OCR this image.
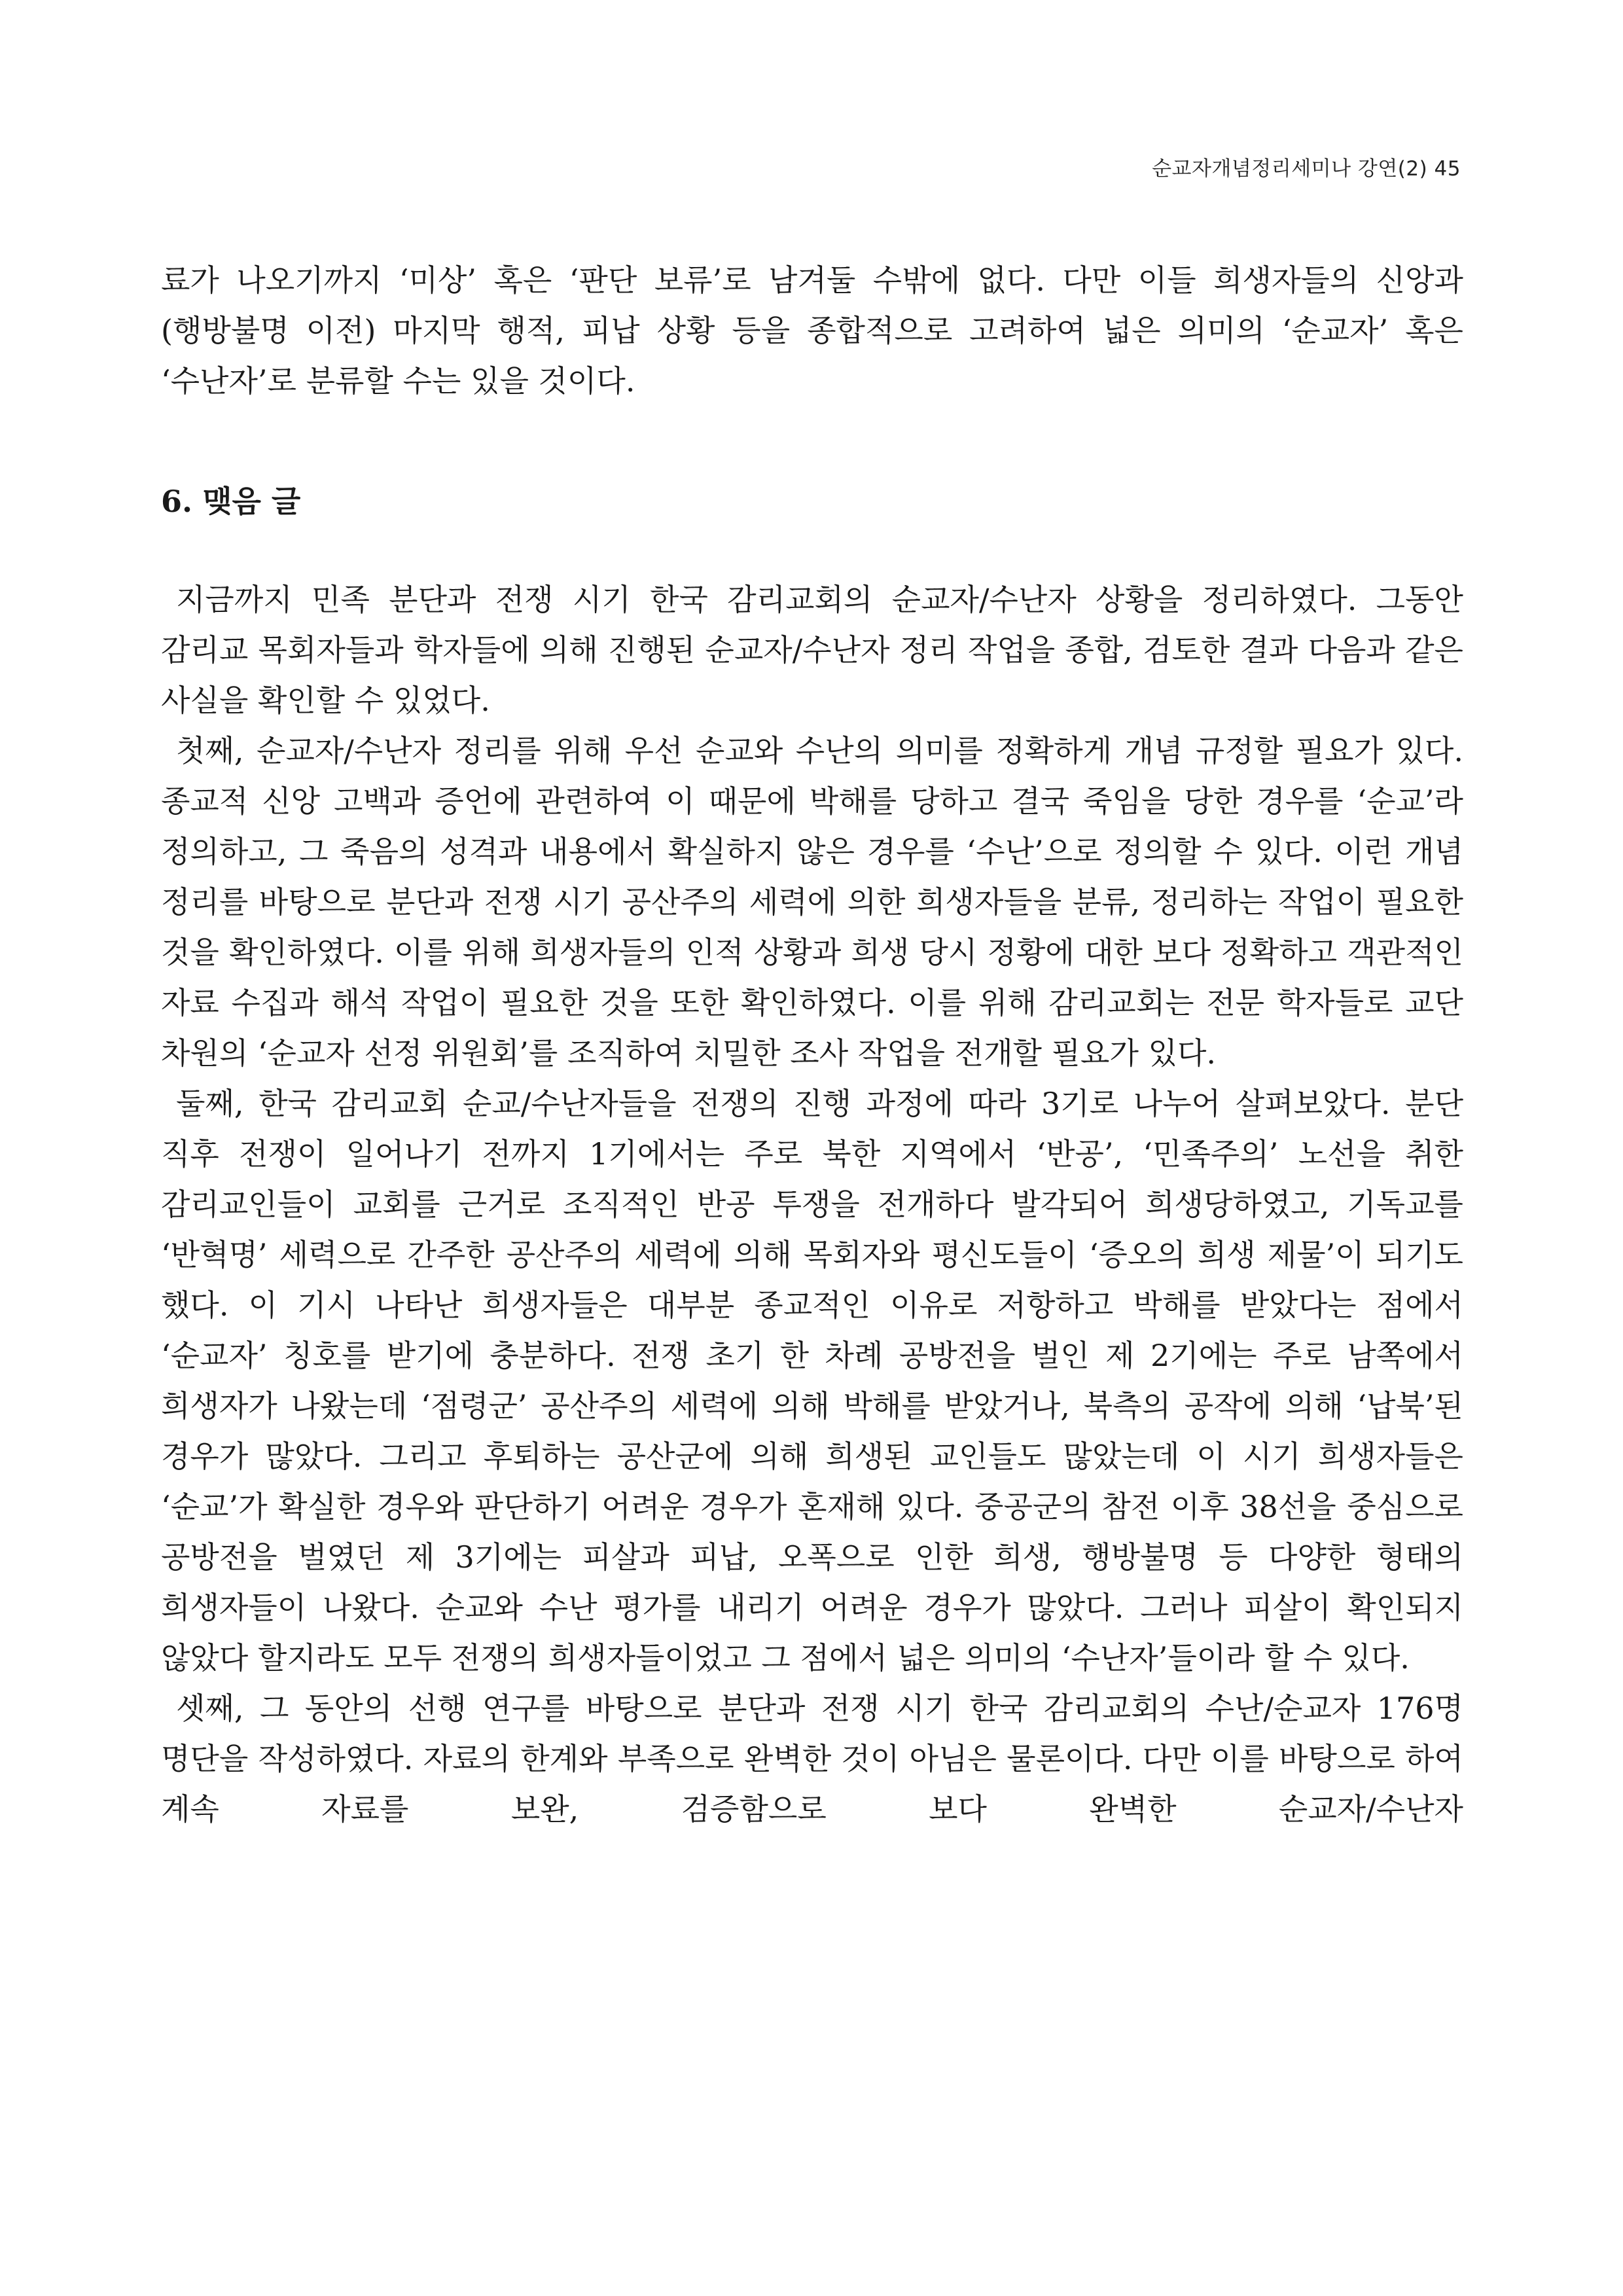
순교자개념정리세미나 강연(2) 45

료가 나오기까지 ‘미상’ 혹은 ‘판단 보류’로 남겨둘 수밖에 없다. 다만 이들 희생자들의 신앙과 (행방불명 이전) 마지막 행적, 피납 상황 등을 종합적으로 고려하여 넓은 의미의 ‘순교자’ 혹은 ‘수난자’로 분류할 수는 있을 것이다.

6. 맺음 글

지금까지 민족 분단과 전쟁 시기 한국 감리교회의 순교자/수난자 상황을 정리하였다. 그동안 감리교 목회자들과 학자들에 의해 진행된 순교자/수난자 정리 작업을 종합, 검토한 결과 다음과 같은 사실을 확인할 수 있었다.

첫째, 순교자/수난자 정리를 위해 우선 순교와 수난의 의미를 정확하게 개념 규정할 필요가 있다. 종교적 신앙 고백과 증언에 관련하여 이 때문에 박해를 당하고 결국 죽임을 당한 경우를 ‘순교’라 정의하고, 그 죽음의 성격과 내용에서 확실하지 않은 경우를 ‘수난’으로 정의할 수 있다. 이런 개념 정리를 바탕으로 분단과 전쟁 시기 공산주의 세력에 의한 희생자들을 분류, 정리하는 작업이 필요한 것을 확인하였다. 이를 위해 희생자들의 인적 상황과 희생 당시 정황에 대한 보다 정확하고 객관적인 자료 수집과 해석 작업이 필요한 것을 또한 확인하였다. 이를 위해 감리교회는 전문 학자들로 교단 차원의 ‘순교자 선정 위원회’를 조직하여 치밀한 조사 작업을 전개할 필요가 있다.

둘째, 한국 감리교회 순교/수난자들을 전쟁의 진행 과정에 따라 3기로 나누어 살펴보았다. 분단 직후 전쟁이 일어나기 전까지 1기에서는 주로 북한 지역에서 ‘반공’, ‘민족주의’ 노선을 취한 감리교인들이 교회를 근거로 조직적인 반공 투쟁을 전개하다 발각되어 희생당하였고, 기독교를 ‘반혁명’ 세력으로 간주한 공산주의 세력에 의해 목회자와 평신도들이 ‘증오의 희생 제물’이 되기도 했다. 이 기시 나타난 희생자들은 대부분 종교적인 이유로 저항하고 박해를 받았다는 점에서 ‘순교자’ 칭호를 받기에 충분하다. 전쟁 초기 한 차례 공방전을 벌인 제 2기에는 주로 남쪽에서 희생자가 나왔는데 ‘점령군’ 공산주의 세력에 의해 박해를 받았거나, 북측의 공작에 의해 ‘납북’된 경우가 많았다. 그리고 후퇴하는 공산군에 의해 희생된 교인들도 많았는데 이 시기 희생자들은 ‘순교’가 확실한 경우와 판단하기 어려운 경우가 혼재해 있다. 중공군의 참전 이후 38선을 중심으로 공방전을 벌였던 제 3기에는 피살과 피납, 오폭으로 인한 희생, 행방불명 등 다양한 형태의 희생자들이 나왔다. 순교와 수난 평가를 내리기 어려운 경우가 많았다. 그러나 피살이 확인되지 않았다 할지라도 모두 전쟁의 희생자들이었고 그 점에서 넓은 의미의 ‘수난자’들이라 할 수 있다.

셋째, 그 동안의 선행 연구를 바탕으로 분단과 전쟁 시기 한국 감리교회의 수난/순교자 176명 명단을 작성하였다. 자료의 한계와 부족으로 완벽한 것이 아님은 물론이다. 다만 이를 바탕으로 하여 계속 자료를 보완, 검증함으로 보다 완벽한 순교자/수난자
